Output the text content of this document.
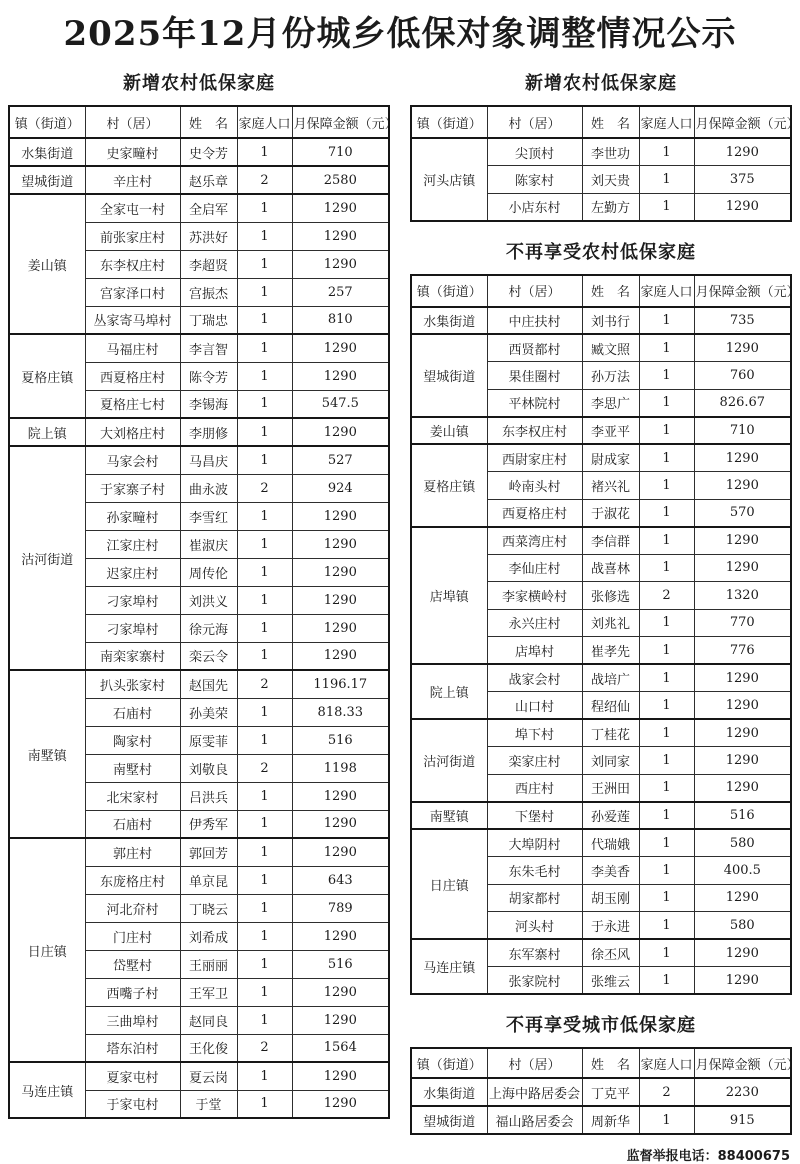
2025年12月份城乡低保对象调整情况公示
新增农村低保家庭
镇（街道）	村（居）	姓　名	家庭人口	月保障金额（元）
水集街道	史家疃村	史令芳	1	710
望城街道	辛庄村	赵乐章	2	2580
姜山镇	全家屯一村	全启军	1	1290
	前张家庄村	苏洪好	1	1290
	东李权庄村	李超贤	1	1290
	宫家泽口村	宫振杰	1	257
	丛家寄马埠村	丁瑞忠	1	810
夏格庄镇	马福庄村	李言智	1	1290
	西夏格庄村	陈令芳	1	1290
	夏格庄七村	李锡海	1	547.5
院上镇	大刘格庄村	李朋修	1	1290
沽河街道	马家会村	马昌庆	1	527
	于家寨子村	曲永波	2	924
	孙家疃村	李雪红	1	1290
	江家庄村	崔淑庆	1	1290
	迟家庄村	周传伦	1	1290
	刁家埠村	刘洪义	1	1290
	刁家埠村	徐元海	1	1290
	南栾家寨村	栾云令	1	1290
南墅镇	扒头张家村	赵国先	2	1196.17
	石庙村	孙美荣	1	818.33
	陶家村	原雯菲	1	516
	南墅村	刘敬良	2	1198
	北宋家村	吕洪兵	1	1290
	石庙村	伊秀军	1	1290
日庄镇	郭庄村	郭回芳	1	1290
	东庞格庄村	单京昆	1	643
	河北夼村	丁晓云	1	789
	门庄村	刘希成	1	1290
	岱墅村	王丽丽	1	516
	西嘴子村	王军卫	1	1290
	三曲埠村	赵同良	1	1290
	塔东泊村	王化俊	2	1564
马连庄镇	夏家屯村	夏云岗	1	1290
	于家屯村	于堂	1	1290
新增农村低保家庭
镇（街道）	村（居）	姓　名	家庭人口	月保障金额（元）
河头店镇	尖顶村	李世功	1	1290
	陈家村	刘天贵	1	375
	小店东村	左勤方	1	1290
不再享受农村低保家庭
镇（街道）	村（居）	姓　名	家庭人口	月保障金额（元）
水集街道	中庄扶村	刘书行	1	735
望城街道	西贤都村	臧文照	1	1290
	果佳圈村	孙万法	1	760
	平林院村	李思广	1	826.67
姜山镇	东李权庄村	李亚平	1	710
夏格庄镇	西尉家庄村	尉成家	1	1290
	岭南头村	褚兴礼	1	1290
	西夏格庄村	于淑花	1	570
店埠镇	西菜湾庄村	李信群	1	1290
	李仙庄村	战喜林	1	1290
	李家横岭村	张修选	2	1320
	永兴庄村	刘兆礼	1	770
	店埠村	崔孝先	1	776
院上镇	战家会村	战培广	1	1290
	山口村	程绍仙	1	1290
沽河街道	埠下村	丁桂花	1	1290
	栾家庄村	刘同家	1	1290
	西庄村	王洲田	1	1290
南墅镇	下堡村	孙爱莲	1	516
日庄镇	大埠阴村	代瑞娥	1	580
	东朱毛村	李美香	1	400.5
	胡家都村	胡玉刚	1	1290
	河头村	于永进	1	580
马连庄镇	东军寨村	徐丕风	1	1290
	张家院村	张维云	1	1290
不再享受城市低保家庭
镇（街道）	村（居）	姓　名	家庭人口	月保障金额（元）
水集街道	上海中路居委会	丁克平	2	2230
望城街道	福山路居委会	周新华	1	915
监督举报电话：88400675
